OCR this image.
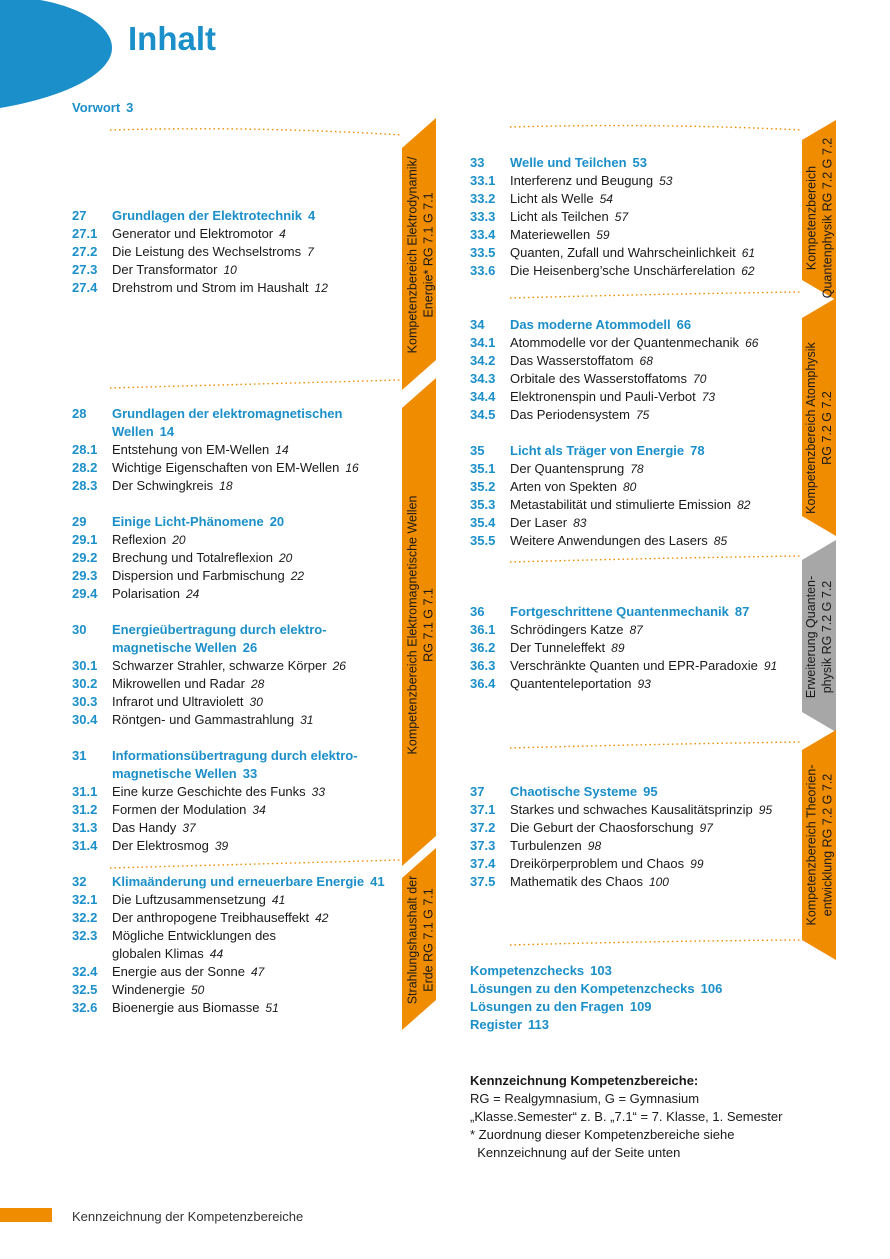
Inhalt
Vorwort 3
27	Grundlagen der Elektrotechnik 4
27.1	Generator und Elektromotor 4
27.2	Die Leistung des Wechselstroms 7
27.3	Der Transformator 10
27.4	Drehstrom und Strom im Haushalt 12
28	Grundlagen der elektromagnetischen
Wellen 14
28.1	Entstehung von EM-Wellen 14
28.2	Wichtige Eigenschaften von EM-Wellen 16
28.3	Der Schwingkreis 18
29	Einige Licht-Phänomene 20
29.1	Reflexion 20
29.2	Brechung und Totalreflexion 20
29.3	Dispersion und Farbmischung 22
29.4	Polarisation 24
30	Energieübertragung durch elektro-
magnetische Wellen 26
30.1	Schwarzer Strahler, schwarze Körper 26
30.2	Mikrowellen und Radar 28
30.3	Infrarot und Ultraviolett 30
30.4	Röntgen- und Gammastrahlung 31
31	Informationsübertragung durch elektro-
magnetische Wellen 33
31.1	Eine kurze Geschichte des Funks 33
31.2	Formen der Modulation 34
31.3	Das Handy 37
31.4	Der Elektrosmog 39
32	Klimaänderung und erneuerbare Energie 41
32.1	Die Luftzusammensetzung 41
32.2	Der anthropogene Treibhauseffekt 42
32.3	Mögliche Entwicklungen des
globalen Klimas 44
32.4	Energie aus der Sonne 47
32.5	Windenergie 50
32.6	Bioenergie aus Biomasse 51
33	Welle und Teilchen 53
33.1	Interferenz und Beugung 53
33.2	Licht als Welle 54
33.3	Licht als Teilchen 57
33.4	Materiewellen 59
33.5	Quanten, Zufall und Wahrscheinlichkeit 61
33.6	Die Heisenberg’sche Unschärferelation 62
34	Das moderne Atommodell 66
34.1	Atommodelle vor der Quantenmechanik 66
34.2	Das Wasserstoffatom 68
34.3	Orbitale des Wasserstoffatoms 70
34.4	Elektronenspin und Pauli-Verbot 73
34.5	Das Periodensystem 75
35	Licht als Träger von Energie 78
35.1	Der Quantensprung 78
35.2	Arten von Spekten 80
35.3	Metastabilität und stimulierte Emission 82
35.4	Der Laser 83
35.5	Weitere Anwendungen des Lasers 85
36	Fortgeschrittene Quantenmechanik 87
36.1	Schrödingers Katze 87
36.2	Der Tunneleffekt 89
36.3	Verschränkte Quanten und EPR-Paradoxie 91
36.4	Quantenteleportation 93
37	Chaotische Systeme 95
37.1	Starkes und schwaches Kausalitätsprinzip 95
37.2	Die Geburt der Chaosforschung 97
37.3	Turbulenzen 98
37.4	Dreikörperproblem und Chaos 99
37.5	Mathematik des Chaos 100
Kompetenzchecks 103
Lösungen zu den Kompetenzchecks 106
Lösungen zu den Fragen 109
Register 113
Kennzeichnung Kompetenzbereiche:
RG = Realgymnasium, G = Gymnasium
„Klasse.Semester“ z. B. „7.1“ = 7. Klasse, 1. Semester
* Zuordnung dieser Kompetenzbereiche siehe
Kennzeichnung auf der Seite unten
Kennzeichnung der Kompetenzbereiche
Kompetenzbereich Elektrodynamik/ Energie* RG 7.1 G 7.1
Kompetenzbereich Elektromagnetische Wellen RG 7.1 G 7.1
Strahlungshaushalt der Erde RG 7.1 G 7.1
Kompetenzbereich Quantenphysik RG 7.2 G 7.2
Kompetenzbereich Atomphysik RG 7.2 G 7.2
Erweiterung Quanten- physik RG 7.2 G 7.2
Kompetenzbereich Theorien- entwicklung RG 7.2 G 7.2
